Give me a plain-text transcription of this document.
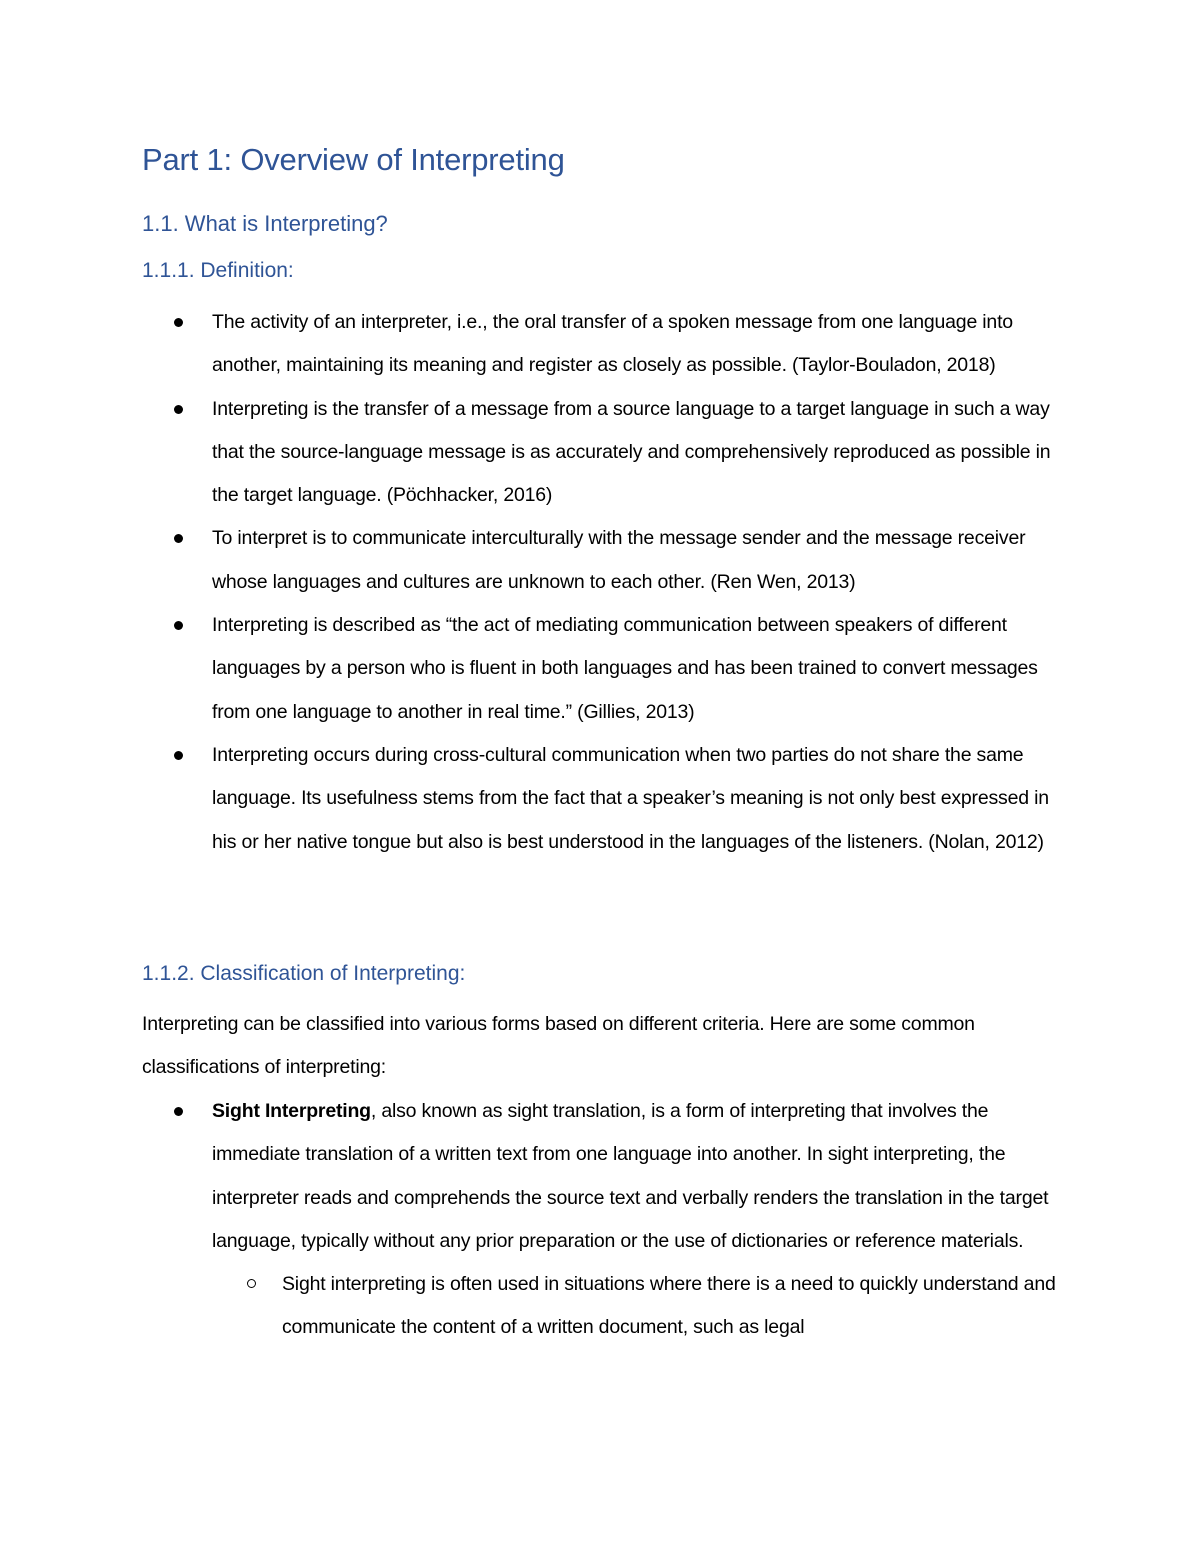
Part 1: Overview of Interpreting
1.1. What is Interpreting?
1.1.1. Definition:
The activity of an interpreter, i.e., the oral transfer of a spoken message from one language into another, maintaining its meaning and register as closely as possible. (Taylor-Bouladon, 2018)
Interpreting is the transfer of a message from a source language to a target language in such a way that the source-language message is as accurately and comprehensively reproduced as possible in the target language. (Pöchhacker, 2016)
To interpret is to communicate interculturally with the message sender and the message receiver whose languages and cultures are unknown to each other. (Ren Wen, 2013)
Interpreting is described as “the act of mediating communication between speakers of different languages by a person who is fluent in both languages and has been trained to convert messages from one language to another in real time.” (Gillies, 2013)
Interpreting occurs during cross-cultural communication when two parties do not share the same language. Its usefulness stems from the fact that a speaker’s meaning is not only best expressed in his or her native tongue but also is best understood in the languages of the listeners. (Nolan, 2012)
1.1.2. Classification of Interpreting:

Interpreting can be classified into various forms based on different criteria. Here are some common classifications of interpreting:

Sight Interpreting, also known as sight translation, is a form of interpreting that involves the immediate translation of a written text from one language into another. In sight interpreting, the interpreter reads and comprehends the source text and verbally renders the translation in the target language, typically without any prior preparation or the use of dictionaries or reference materials.
Sight interpreting is often used in situations where there is a need to quickly understand and communicate the content of a written document, such as legal
